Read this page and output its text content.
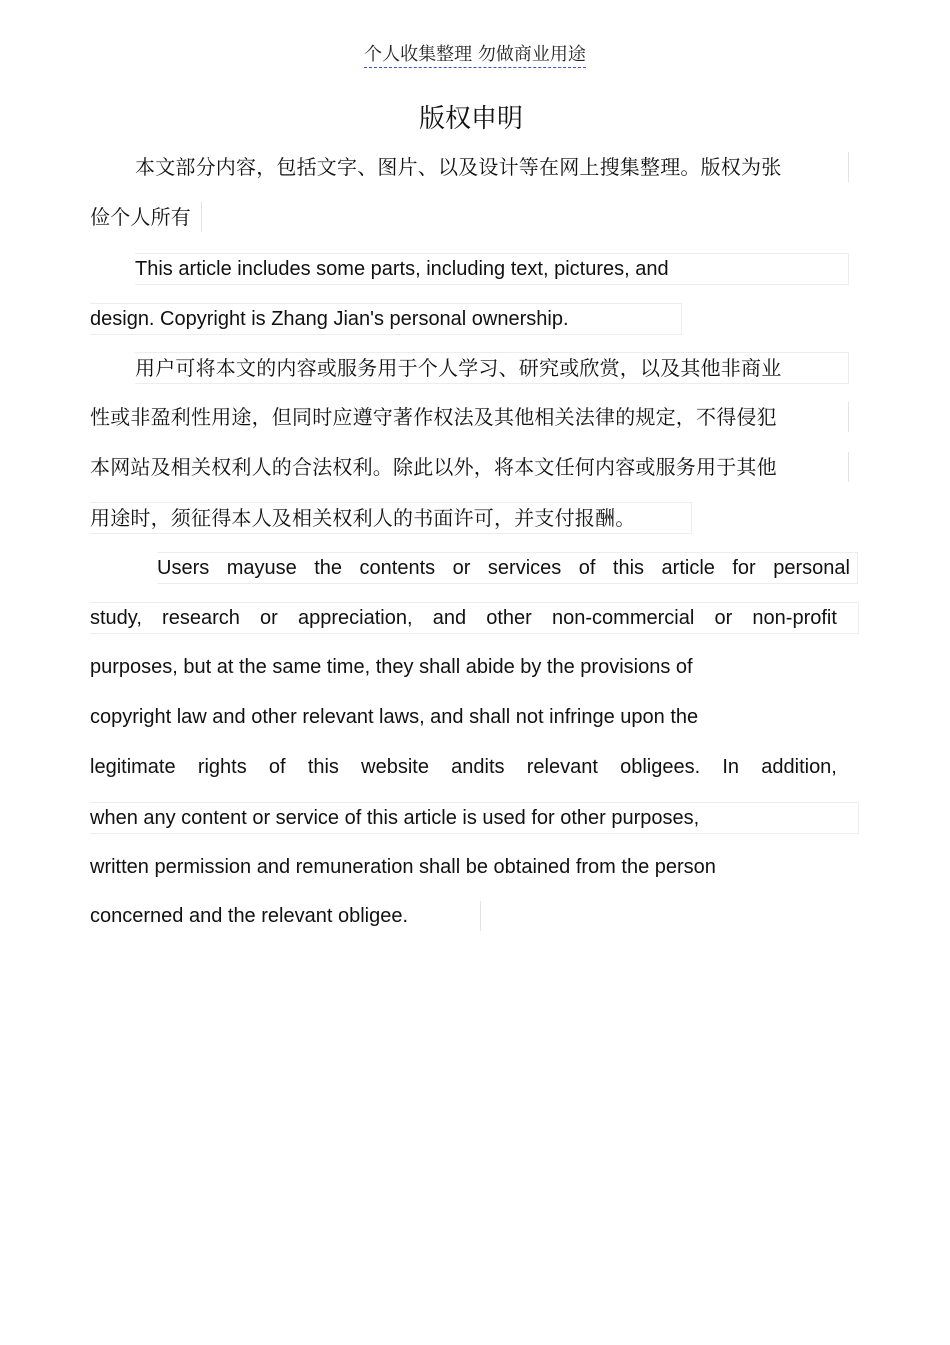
个人收集整理 勿做商业用途
版权申明
本文部分内容，包括文字、图片、以及设计等在网上搜集整理。版权为张
俭个人所有
This article includes some parts, including text, pictures, and
design. Copyright is Zhang Jian's personal ownership.
用户可将本文的内容或服务用于个人学习、研究或欣赏，以及其他非商业
性或非盈利性用途，但同时应遵守著作权法及其他相关法律的规定，不得侵犯
本网站及相关权利人的合法权利。除此以外，将本文任何内容或服务用于其他
用途时，须征得本人及相关权利人的书面许可，并支付报酬。
Users mayuse the contents or services of this article for personal
study, research or appreciation, and other non-commercial or non-profit
purposes, but at the same time, they shall abide by the provisions of
copyright law and other relevant laws, and shall not infringe upon the
legitimate rights of this website andits relevant obligees. In addition,
when any content or service of this article is used for other purposes,
written permission and remuneration shall be obtained from the person
concerned and the relevant obligee.
